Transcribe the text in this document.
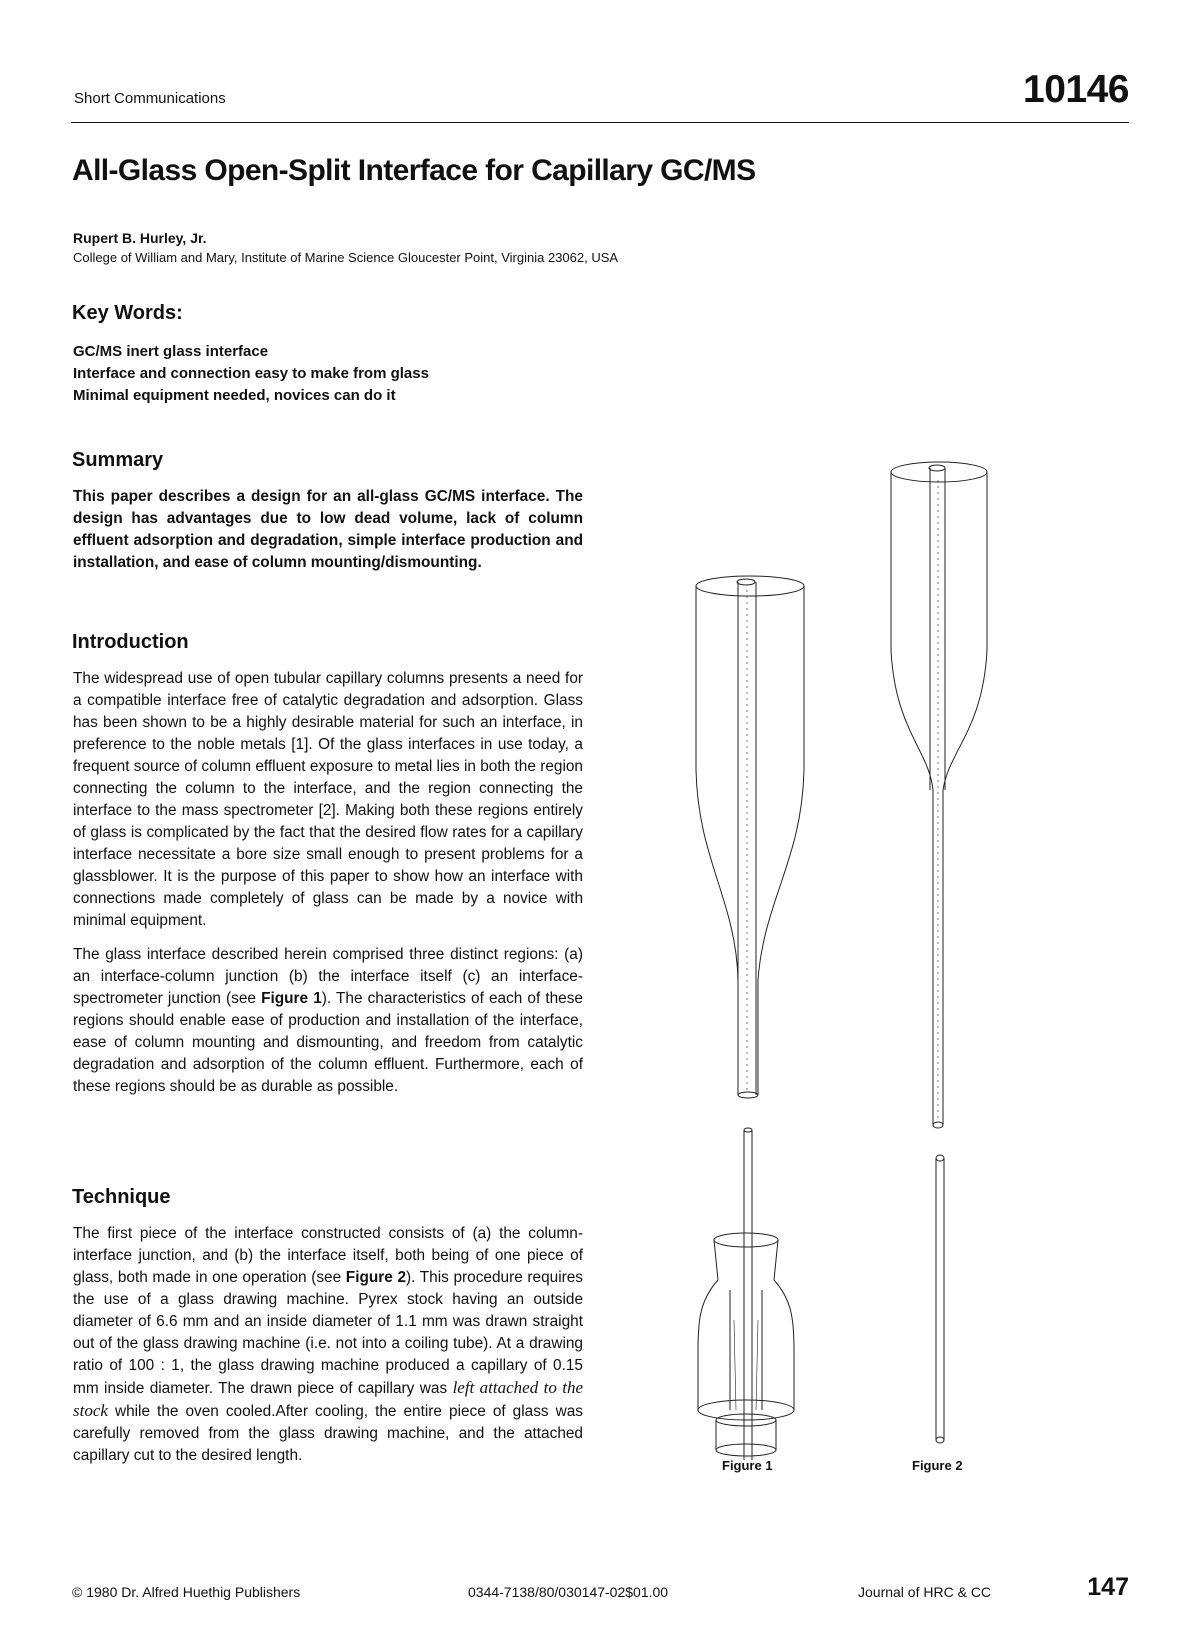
Short Communications	10146
All-Glass Open-Split Interface for Capillary GC/MS
Rupert B. Hurley, Jr.
College of William and Mary, Institute of Marine Science Gloucester Point, Virginia 23062, USA
Key Words:
GC/MS inert glass interface
Interface and connection easy to make from glass
Minimal equipment needed, novices can do it
Summary
This paper describes a design for an all-glass GC/MS interface. The design has advantages due to low dead volume, lack of column effluent adsorption and degradation, simple interface production and installation, and ease of column mounting/dismounting.
Introduction

The widespread use of open tubular capillary columns presents a need for a compatible interface free of catalytic degradation and adsorption. Glass has been shown to be a highly desirable material for such an interface, in preference to the noble metals [1]. Of the glass interfaces in use today, a frequent source of column effluent exposure to metal lies in both the region connecting the column to the interface, and the region connecting the interface to the mass spectrometer [2]. Making both these regions entirely of glass is complicated by the fact that the desired flow rates for a capillary interface necessitate a bore size small enough to present problems for a glassblower. It is the purpose of this paper to show how an interface with connections made completely of glass can be made by a novice with minimal equipment.

The glass interface described herein comprised three distinct regions: (a) an interface-column junction (b) the interface itself (c) an interface-spectrometer junction (see Figure 1). The characteristics of each of these regions should enable ease of production and installation of the interface, ease of column mounting and dismounting, and freedom from catalytic degradation and adsorption of the column effluent. Furthermore, each of these regions should be as durable as possible.

Technique

The first piece of the interface constructed consists of (a) the column-interface junction, and (b) the interface itself, both being of one piece of glass, both made in one operation (see Figure 2). This procedure requires the use of a glass drawing machine. Pyrex stock having an outside diameter of 6.6 mm and an inside diameter of 1.1 mm was drawn straight out of the glass drawing machine (i.e. not into a coiling tube). At a drawing ratio of 100 : 1, the glass drawing machine produced a capillary of 0.15 mm inside diameter. The drawn piece of capillary was left attached to the stock while the oven cooled.After cooling, the entire piece of glass was carefully removed from the glass drawing machine, and the attached capillary cut to the desired length.

Figure 1	Figure 2
© 1980 Dr. Alfred Huethig Publishers	0344-7138/80/030147-02$01.00	Journal of HRC & CC	147
